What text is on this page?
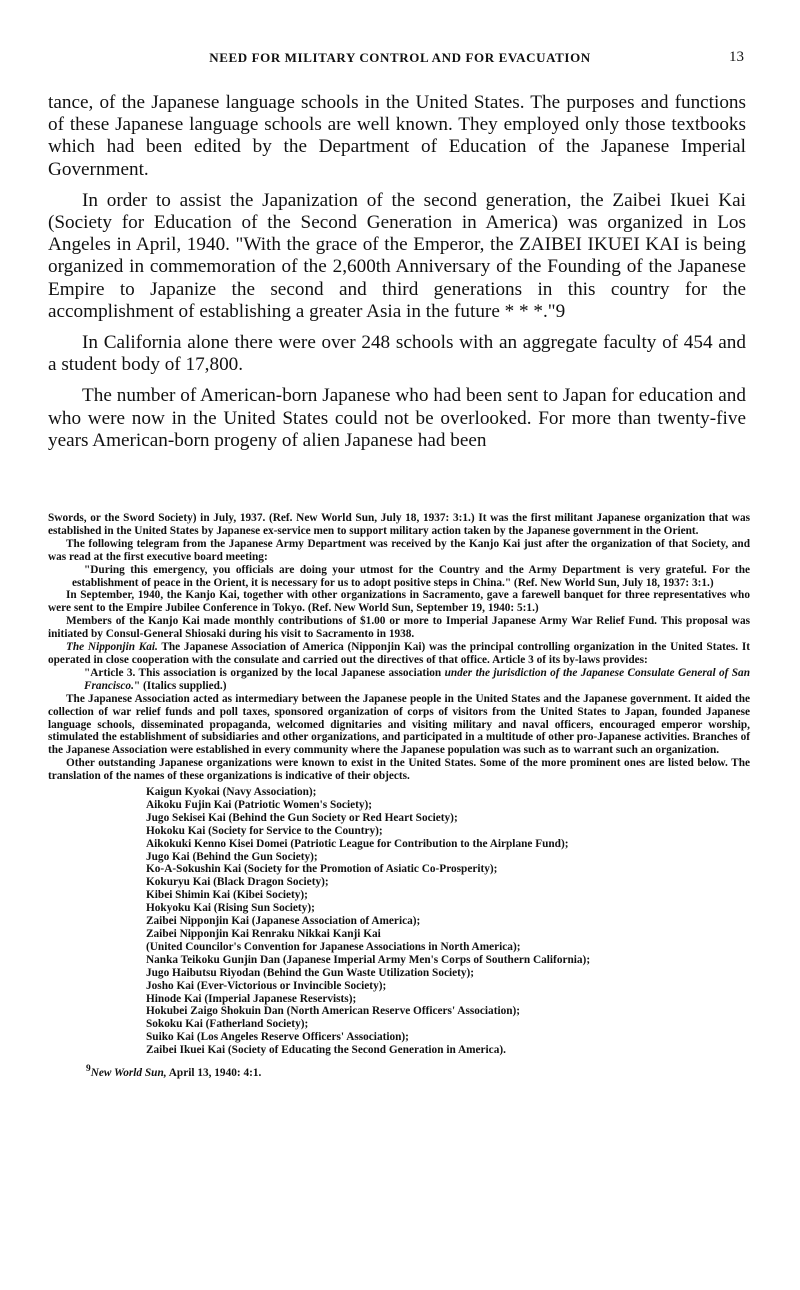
NEED FOR MILITARY CONTROL AND FOR EVACUATION	13

tance, of the Japanese language schools in the United States. The purposes and functions of these Japanese language schools are well known. They employed only those textbooks which had been edited by the Department of Education of the Japanese Imperial Government.

In order to assist the Japanization of the second generation, the Zaibei Ikuei Kai (Society for Education of the Second Generation in America) was organized in Los Angeles in April, 1940. "With the grace of the Emperor, the ZAIBEI IKUEI KAI is being organized in commemoration of the 2,600th Anniversary of the Founding of the Japanese Empire to Japanize the second and third generations in this country for the accomplishment of establishing a greater Asia in the future * * *."9

In California alone there were over 248 schools with an aggregate faculty of 454 and a student body of 17,800.

The number of American-born Japanese who had been sent to Japan for education and who were now in the United States could not be overlooked. For more than twenty-five years American-born progeny of alien Japanese had been

Swords, or the Sword Society) in July, 1937. (Ref. New World Sun, July 18, 1937: 3:1.) It was the first militant Japanese organization that was established in the United States by Japanese ex-service men to support military action taken by the Japanese government in the Orient.

The following telegram from the Japanese Army Department was received by the Kanjo Kai just after the organization of that Society, and was read at the first executive board meeting:

"During this emergency, you officials are doing your utmost for the Country and the Army Department is very grateful. For the establishment of peace in the Orient, it is necessary for us to adopt positive steps in China." (Ref. New World Sun, July 18, 1937: 3:1.)

In September, 1940, the Kanjo Kai, together with other organizations in Sacramento, gave a farewell banquet for three representatives who were sent to the Empire Jubilee Conference in Tokyo. (Ref. New World Sun, September 19, 1940: 5:1.)

Members of the Kanjo Kai made monthly contributions of $1.00 or more to Imperial Japanese Army War Relief Fund. This proposal was initiated by Consul-General Shiosaki during his visit to Sacramento in 1938.

The Nipponjin Kai. The Japanese Association of America (Nipponjin Kai) was the principal controlling organization in the United States. It operated in close cooperation with the consulate and carried out the directives of that office. Article 3 of its by-laws provides:

"Article 3. This association is organized by the local Japanese association under the jurisdiction of the Japanese Consulate General of San Francisco." (Italics supplied.)

The Japanese Association acted as intermediary between the Japanese people in the United States and the Japanese government. It aided the collection of war relief funds and poll taxes, sponsored organization of corps of visitors from the United States to Japan, founded Japanese language schools, disseminated propaganda, welcomed dignitaries and visiting military and naval officers, encouraged emperor worship, stimulated the establishment of subsidiaries and other organizations, and participated in a multitude of other pro-Japanese activities. Branches of the Japanese Association were established in every community where the Japanese population was such as to warrant such an organization.

Other outstanding Japanese organizations were known to exist in the United States. Some of the more prominent ones are listed below. The translation of the names of these organizations is indicative of their objects.

Kaigun Kyokai (Navy Association);
Aikoku Fujin Kai (Patriotic Women's Society);
Jugo Sekisei Kai (Behind the Gun Society or Red Heart Society);
Hokoku Kai (Society for Service to the Country);
Aikokuki Kenno Kisei Domei (Patriotic League for Contribution to the Airplane Fund);
Jugo Kai (Behind the Gun Society);
Ko-A-Sokushin Kai (Society for the Promotion of Asiatic Co-Prosperity);
Kokuryu Kai (Black Dragon Society);
Kibei Shimin Kai (Kibei Society);
Hokyoku Kai (Rising Sun Society);
Zaibei Nipponjin Kai (Japanese Association of America);
Zaibei Nipponjin Kai Renraku Nikkai Kanji Kai
(United Councilor's Convention for Japanese Associations in North America);
Nanka Teikoku Gunjin Dan (Japanese Imperial Army Men's Corps of Southern California);
Jugo Haibutsu Riyodan (Behind the Gun Waste Utilization Society);
Josho Kai (Ever-Victorious or Invincible Society);
Hinode Kai (Imperial Japanese Reservists);
Hokubei Zaigo Shokuin Dan (North American Reserve Officers' Association);
Sokoku Kai (Fatherland Society);
Suiko Kai (Los Angeles Reserve Officers' Association);
Zaibei Ikuei Kai (Society of Educating the Second Generation in America).

$^9$New World Sun, April 13, 1940: 4:1.
